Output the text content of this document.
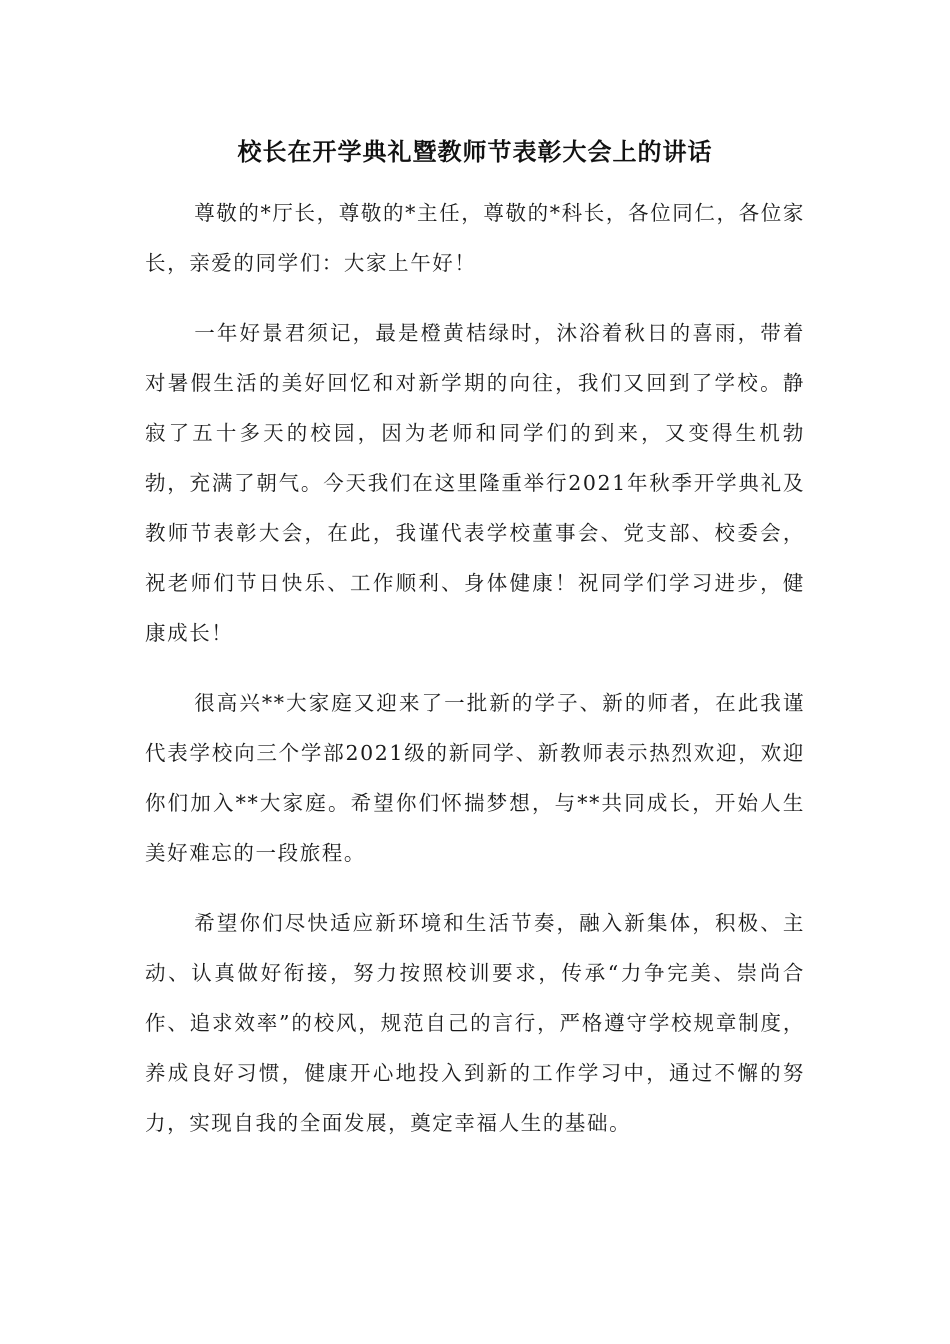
校长在开学典礼暨教师节表彰大会上的讲话

尊敬的*厅长，尊敬的*主任，尊敬的*科长，各位同仁，各位家长，亲爱的同学们：大家上午好！

一年好景君须记，最是橙黄桔绿时，沐浴着秋日的喜雨，带着对暑假生活的美好回忆和对新学期的向往，我们又回到了学校。静寂了五十多天的校园，因为老师和同学们的到来，又变得生机勃勃，充满了朝气。今天我们在这里隆重举行2021年秋季开学典礼及教师节表彰大会，在此，我谨代表学校董事会、党支部、校委会，祝老师们节日快乐、工作顺利、身体健康！祝同学们学习进步，健康成长！

很高兴**大家庭又迎来了一批新的学子、新的师者，在此我谨代表学校向三个学部2021级的新同学、新教师表示热烈欢迎，欢迎你们加入**大家庭。希望你们怀揣梦想，与**共同成长，开始人生美好难忘的一段旅程。

希望你们尽快适应新环境和生活节奏，融入新集体，积极、主动、认真做好衔接，努力按照校训要求，传承“力争完美、崇尚合作、追求效率”的校风，规范自己的言行，严格遵守学校规章制度，养成良好习惯，健康开心地投入到新的工作学习中，通过不懈的努力，实现自我的全面发展，奠定幸福人生的基础。
